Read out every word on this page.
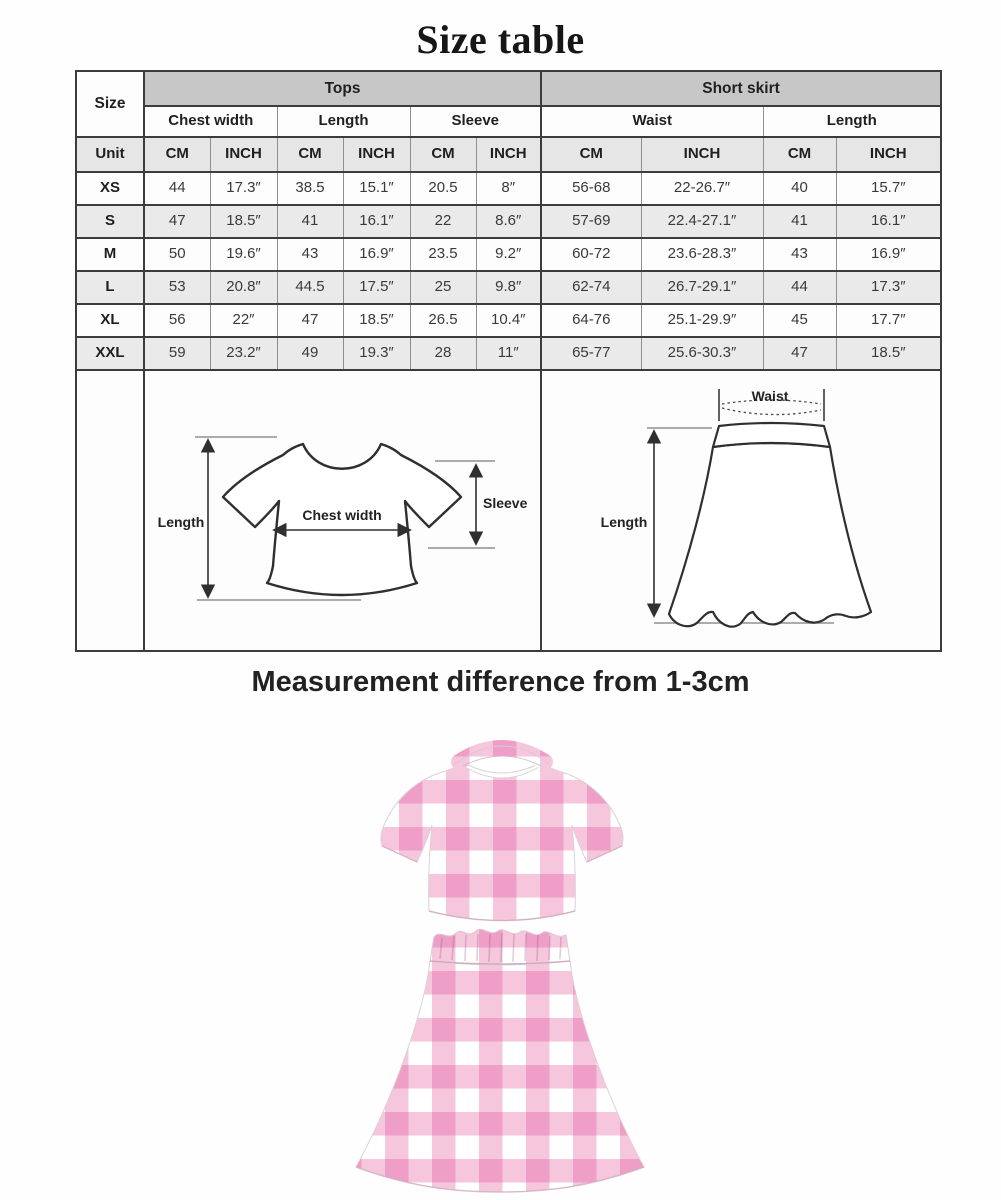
Size table
Size	Tops						Short skirt			
	Chest width		Length		Sleeve		Waist		Length	
Unit	CM	INCH	CM	INCH	CM	INCH	CM	INCH	CM	INCH
XS	44	17.3″	38.5	15.1″	20.5	8″	56-68	22-26.7″	40	15.7″
S	47	18.5″	41	16.1″	22	8.6″	57-69	22.4-27.1″	41	16.1″
M	50	19.6″	43	16.9″	23.5	9.2″	60-72	23.6-28.3″	43	16.9″
L	53	20.8″	44.5	17.5″	25	9.8″	62-74	26.7-29.1″	44	17.3″
XL	56	22″	47	18.5″	26.5	10.4″	64-76	25.1-29.9″	45	17.7″
XXL	59	23.2″	49	19.3″	28	11″	65-77	25.6-30.3″	47	18.5″

Length Chest width
Sleeve						Waist
Length			
Measurement difference from 1-3cm
